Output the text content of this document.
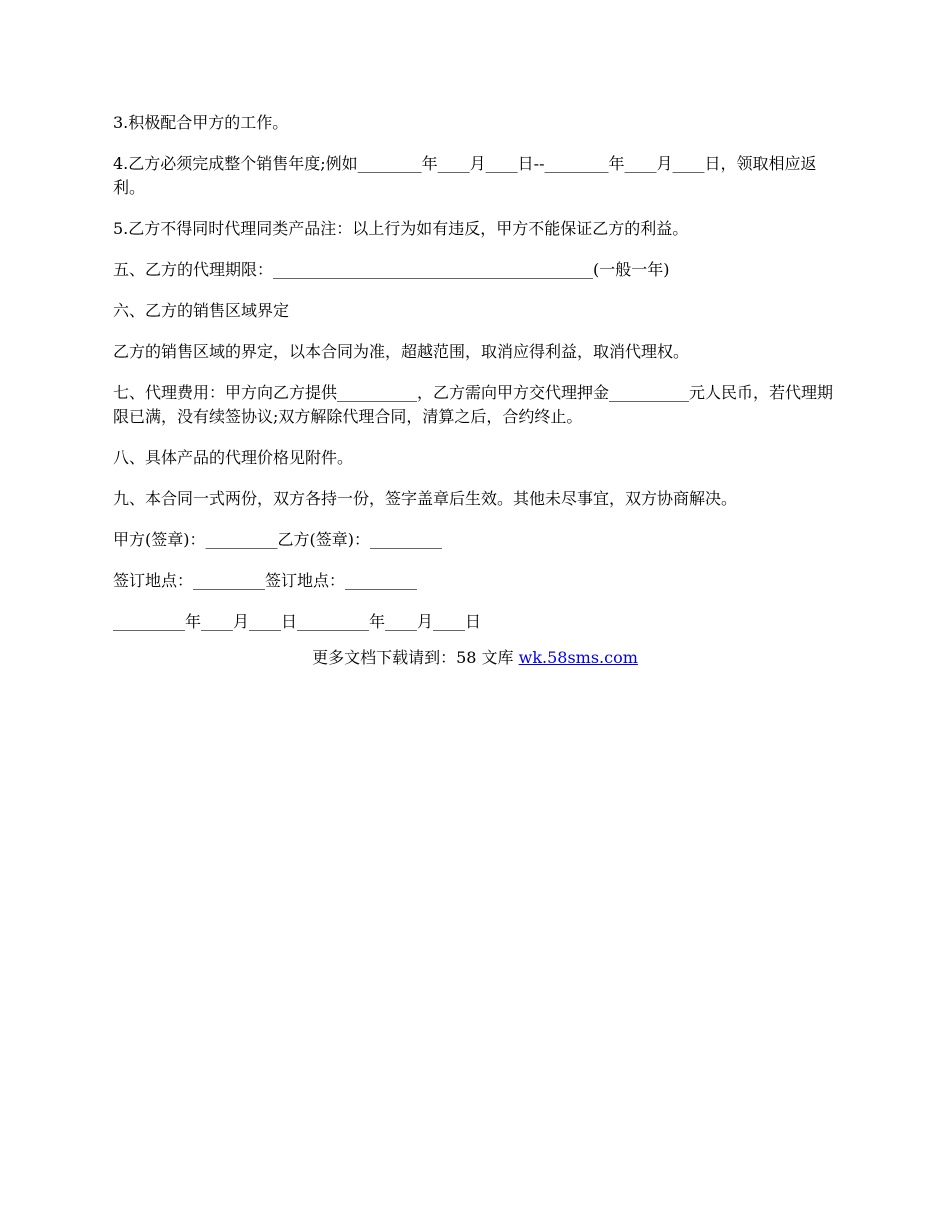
3.积极配合甲方的工作。

4.乙方必须完成整个销售年度;例如________年____月____日--________年____月____日，领取相应返利。

5.乙方不得同时代理同类产品注：以上行为如有违反，甲方不能保证乙方的利益。

五、乙方的代理期限：________________________________________(一般一年)

六、乙方的销售区域界定

乙方的销售区域的界定，以本合同为准，超越范围，取消应得利益，取消代理权。

七、代理费用：甲方向乙方提供__________，乙方需向甲方交代理押金__________元人民币，若代理期限已满，没有续签协议;双方解除代理合同，清算之后，合约终止。

八、具体产品的代理价格见附件。

九、本合同一式两份，双方各持一份，签字盖章后生效。其他未尽事宜，双方协商解决。

甲方(签章)：_________乙方(签章)：_________

签订地点：_________签订地点：_________

_________年____月____日_________年____月____日

更多文档下载请到：58 文库 wk.58sms.com
